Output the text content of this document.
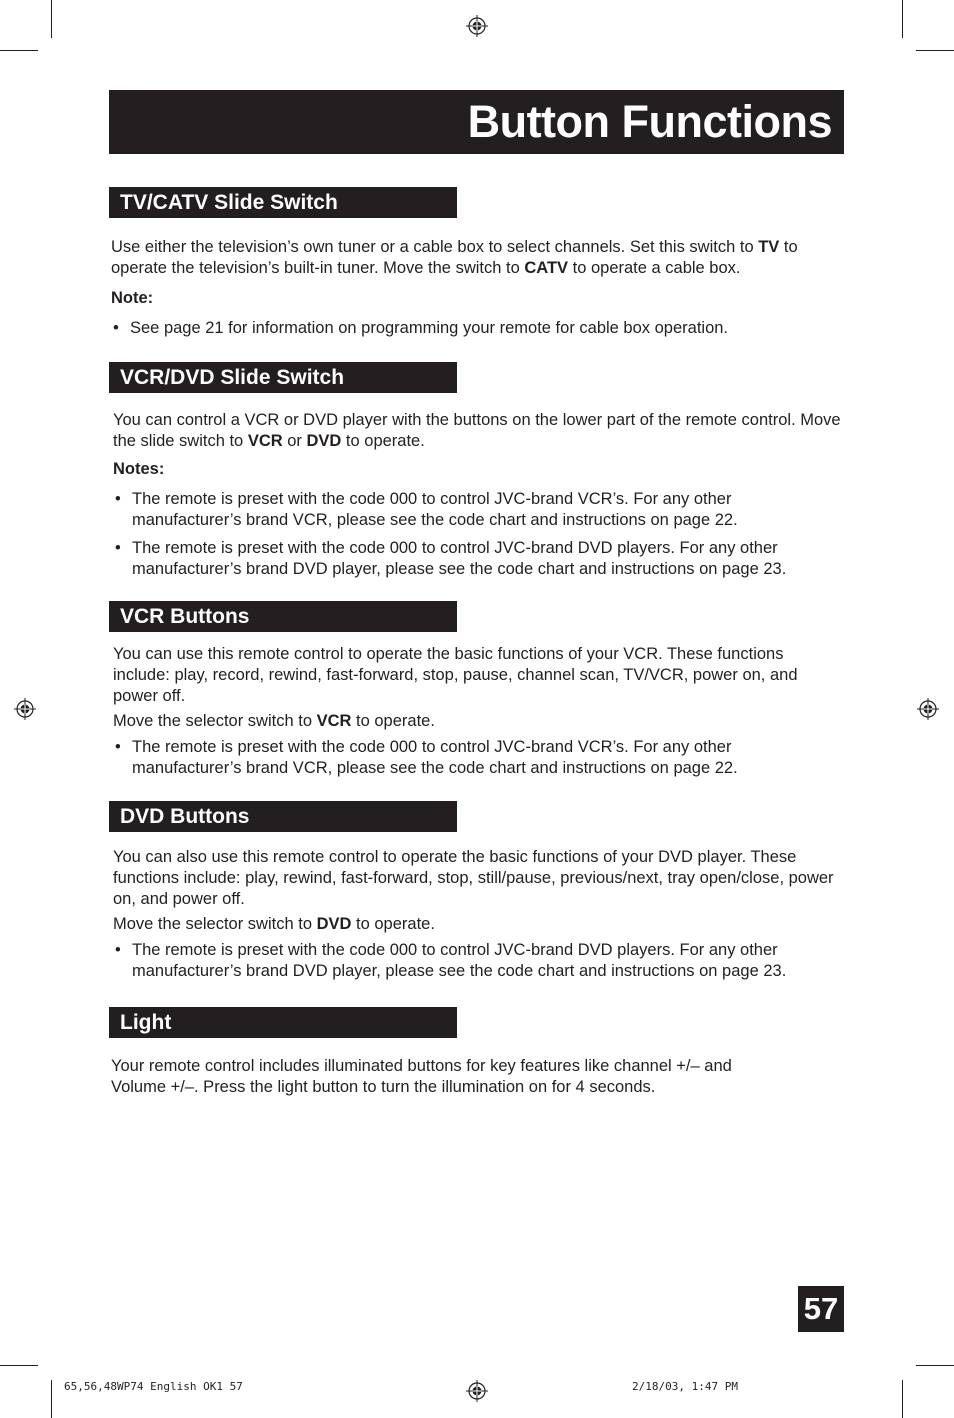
Button Functions
TV/CATV Slide Switch

Use either the television’s own tuner or a cable box to select channels. Set this switch to TV to operate the television’s built-in tuner. Move the switch to CATV to operate a cable box.

Note:

• See page 21 for information on programming your remote for cable box operation.
VCR/DVD Slide Switch

You can control a VCR or DVD player with the buttons on the lower part of the remote control. Move the slide switch to VCR or DVD to operate.

Notes:

• The remote is preset with the code 000 to control JVC-brand VCR’s. For any other manufacturer’s brand VCR, please see the code chart and instructions on page 22.
• The remote is preset with the code 000 to control JVC-brand DVD players. For any other manufacturer’s brand DVD player, please see the code chart and instructions on page 23.
VCR Buttons

You can use this remote control to operate the basic functions of your VCR. These functions include: play, record, rewind, fast-forward, stop, pause, channel scan, TV/VCR, power on, and power off.

Move the selector switch to VCR to operate.

• The remote is preset with the code 000 to control JVC-brand VCR’s. For any other manufacturer’s brand VCR, please see the code chart and instructions on page 22.
DVD Buttons

You can also use this remote control to operate the basic functions of your DVD player. These functions include: play, rewind, fast-forward, stop, still/pause, previous/next, tray open/close, power on, and power off.

Move the selector switch to DVD to operate.

• The remote is preset with the code 000 to control JVC-brand DVD players. For any other manufacturer’s brand DVD player, please see the code chart and instructions on page 23.
Light

Your remote control includes illuminated buttons for key features like channel +/– and Volume +/–. Press the light button to turn the illumination on for 4 seconds.

57
65,56,48WP74 English OK1 57	2/18/03, 1:47 PM
